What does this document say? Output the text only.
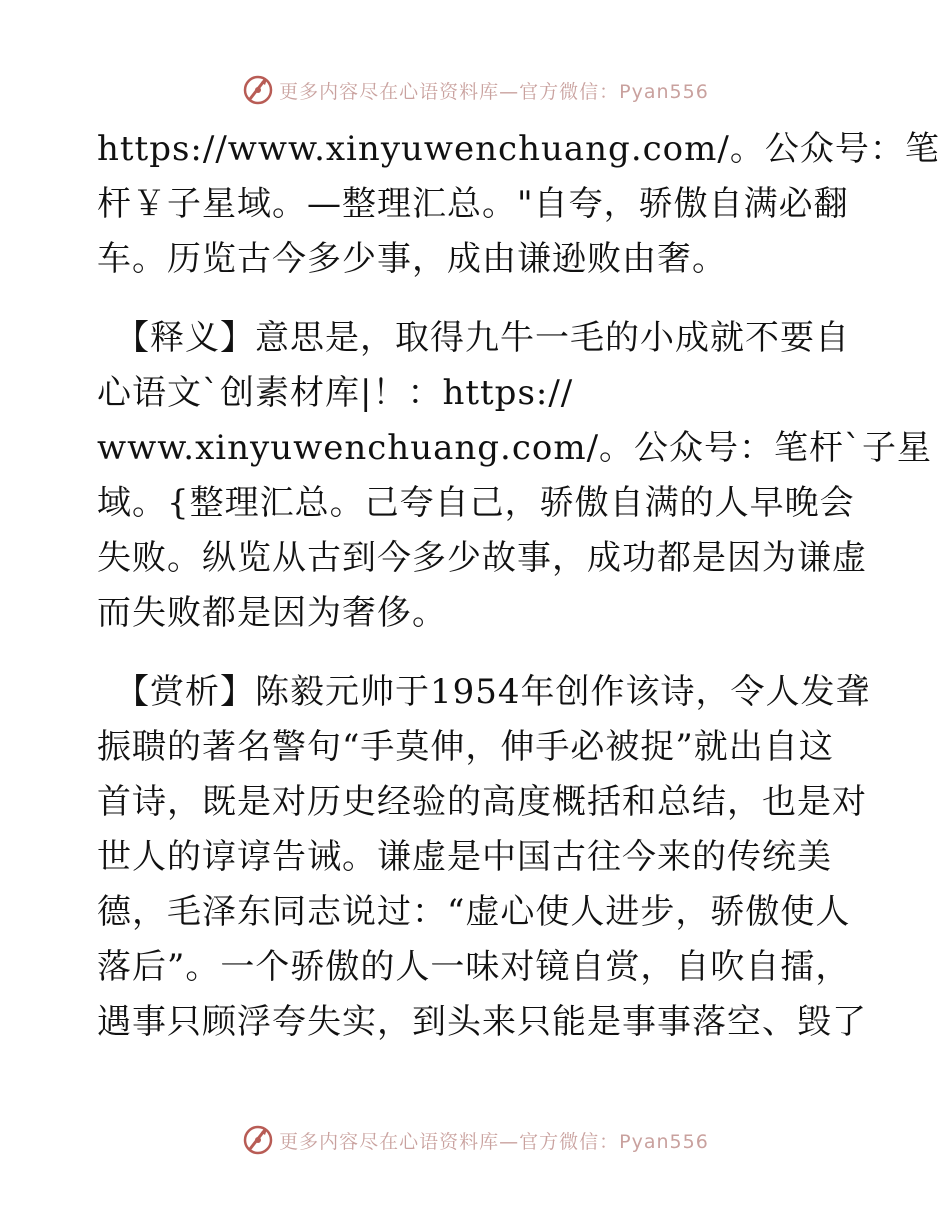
更多内容尽在心语资料库—官方微信：Pyan556
https://www.xinyuwenchuang.com/。公众号：笔
杆￥子星域。—整理汇总。"自夸，骄傲自满必翻
车。历览古今多少事，成由谦逊败由奢。
【释义】意思是，取得九牛一毛的小成就不要自
心语文`创素材库|！：https://
www.xinyuwenchuang.com/。公众号：笔杆`子星
域。{整理汇总。己夸自己，骄傲自满的人早晚会
失败。纵览从古到今多少故事，成功都是因为谦虚
而失败都是因为奢侈。
【赏析】陈毅元帅于1954年创作该诗，令人发聋
振聩的著名警句“手莫伸，伸手必被捉”就出自这
首诗，既是对历史经验的高度概括和总结，也是对
世人的谆谆告诫。谦虚是中国古往今来的传统美
德，毛泽东同志说过：“虚心使人进步，骄傲使人
落后”。一个骄傲的人一味对镜自赏，自吹自擂，
遇事只顾浮夸失实，到头来只能是事事落空、毁了
更多内容尽在心语资料库—官方微信：Pyan556
